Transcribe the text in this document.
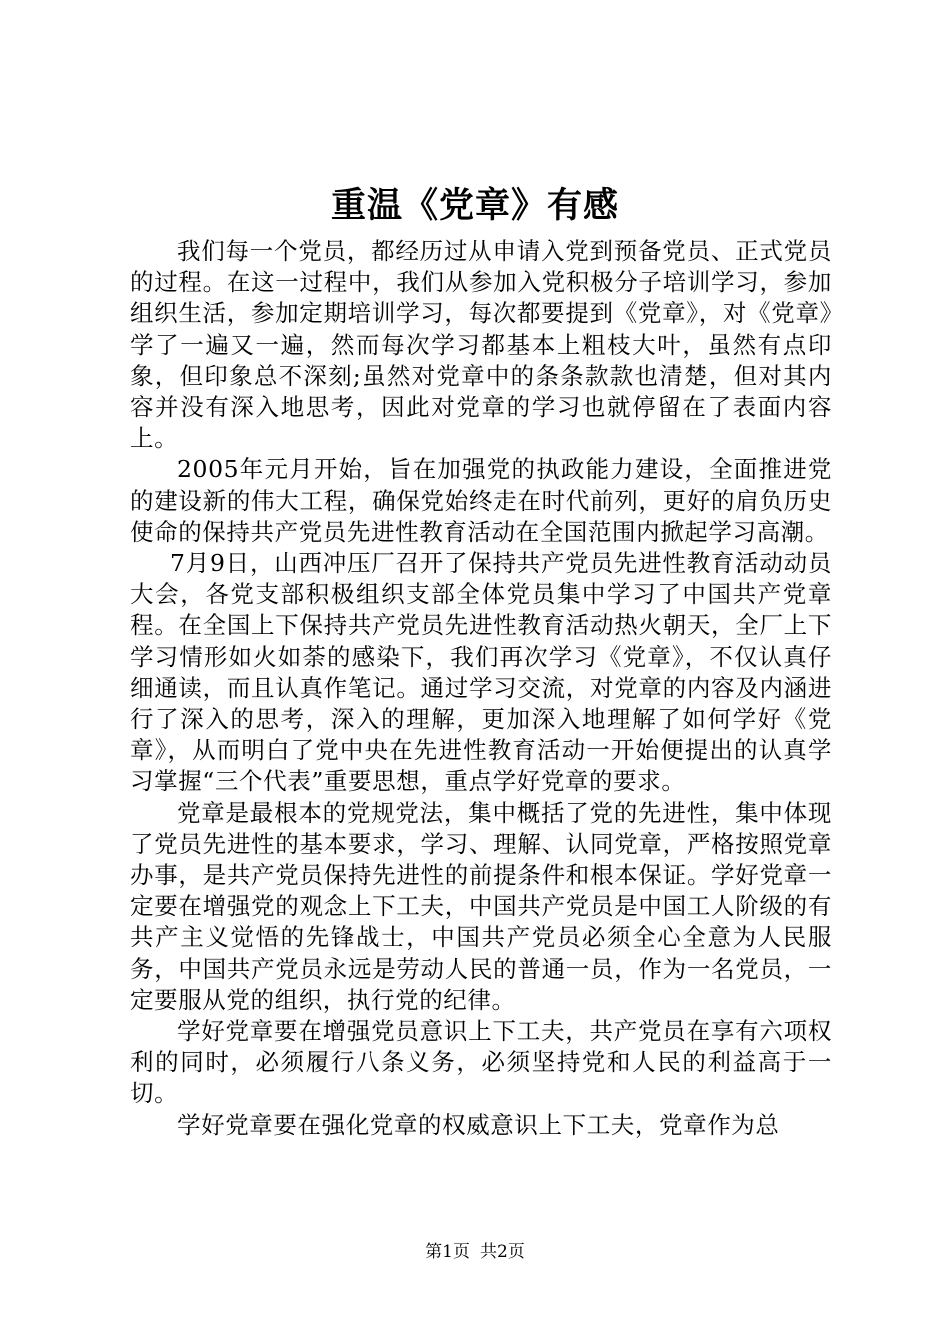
重温《党章》有感

我们每一个党员，都经历过从申请入党到预备党员、正式党员的过程。在这一过程中，我们从参加入党积极分子培训学习，参加组织生活，参加定期培训学习，每次都要提到《党章》，对《党章》学了一遍又一遍，然而每次学习都基本上粗枝大叶，虽然有点印象，但印象总不深刻;虽然对党章中的条条款款也清楚，但对其内容并没有深入地思考，因此对党章的学习也就停留在了表面内容上。

2005年元月开始，旨在加强党的执政能力建设，全面推进党的建设新的伟大工程，确保党始终走在时代前列，更好的肩负历史使命的保持共产党员先进性教育活动在全国范围内掀起学习高潮。

7月9日，山西冲压厂召开了保持共产党员先进性教育活动动员大会，各党支部积极组织支部全体党员集中学习了中国共产党章程。在全国上下保持共产党员先进性教育活动热火朝天，全厂上下学习情形如火如荼的感染下，我们再次学习《党章》，不仅认真仔细通读，而且认真作笔记。通过学习交流，对党章的内容及内涵进行了深入的思考，深入的理解，更加深入地理解了如何学好《党章》，从而明白了党中央在先进性教育活动一开始便提出的认真学习掌握“三个代表”重要思想，重点学好党章的要求。

党章是最根本的党规党法，集中概括了党的先进性，集中体现了党员先进性的基本要求，学习、理解、认同党章，严格按照党章办事，是共产党员保持先进性的前提条件和根本保证。学好党章一定要在增强党的观念上下工夫，中国共产党员是中国工人阶级的有共产主义觉悟的先锋战士，中国共产党员必须全心全意为人民服务，中国共产党员永远是劳动人民的普通一员，作为一名党员，一定要服从党的组织，执行党的纪律。

学好党章要在增强党员意识上下工夫，共产党员在享有六项权利的同时，必须履行八条义务，必须坚持党和人民的利益高于一切。

学好党章要在强化党章的权威意识上下工夫，党章作为总

第1页 共2页
